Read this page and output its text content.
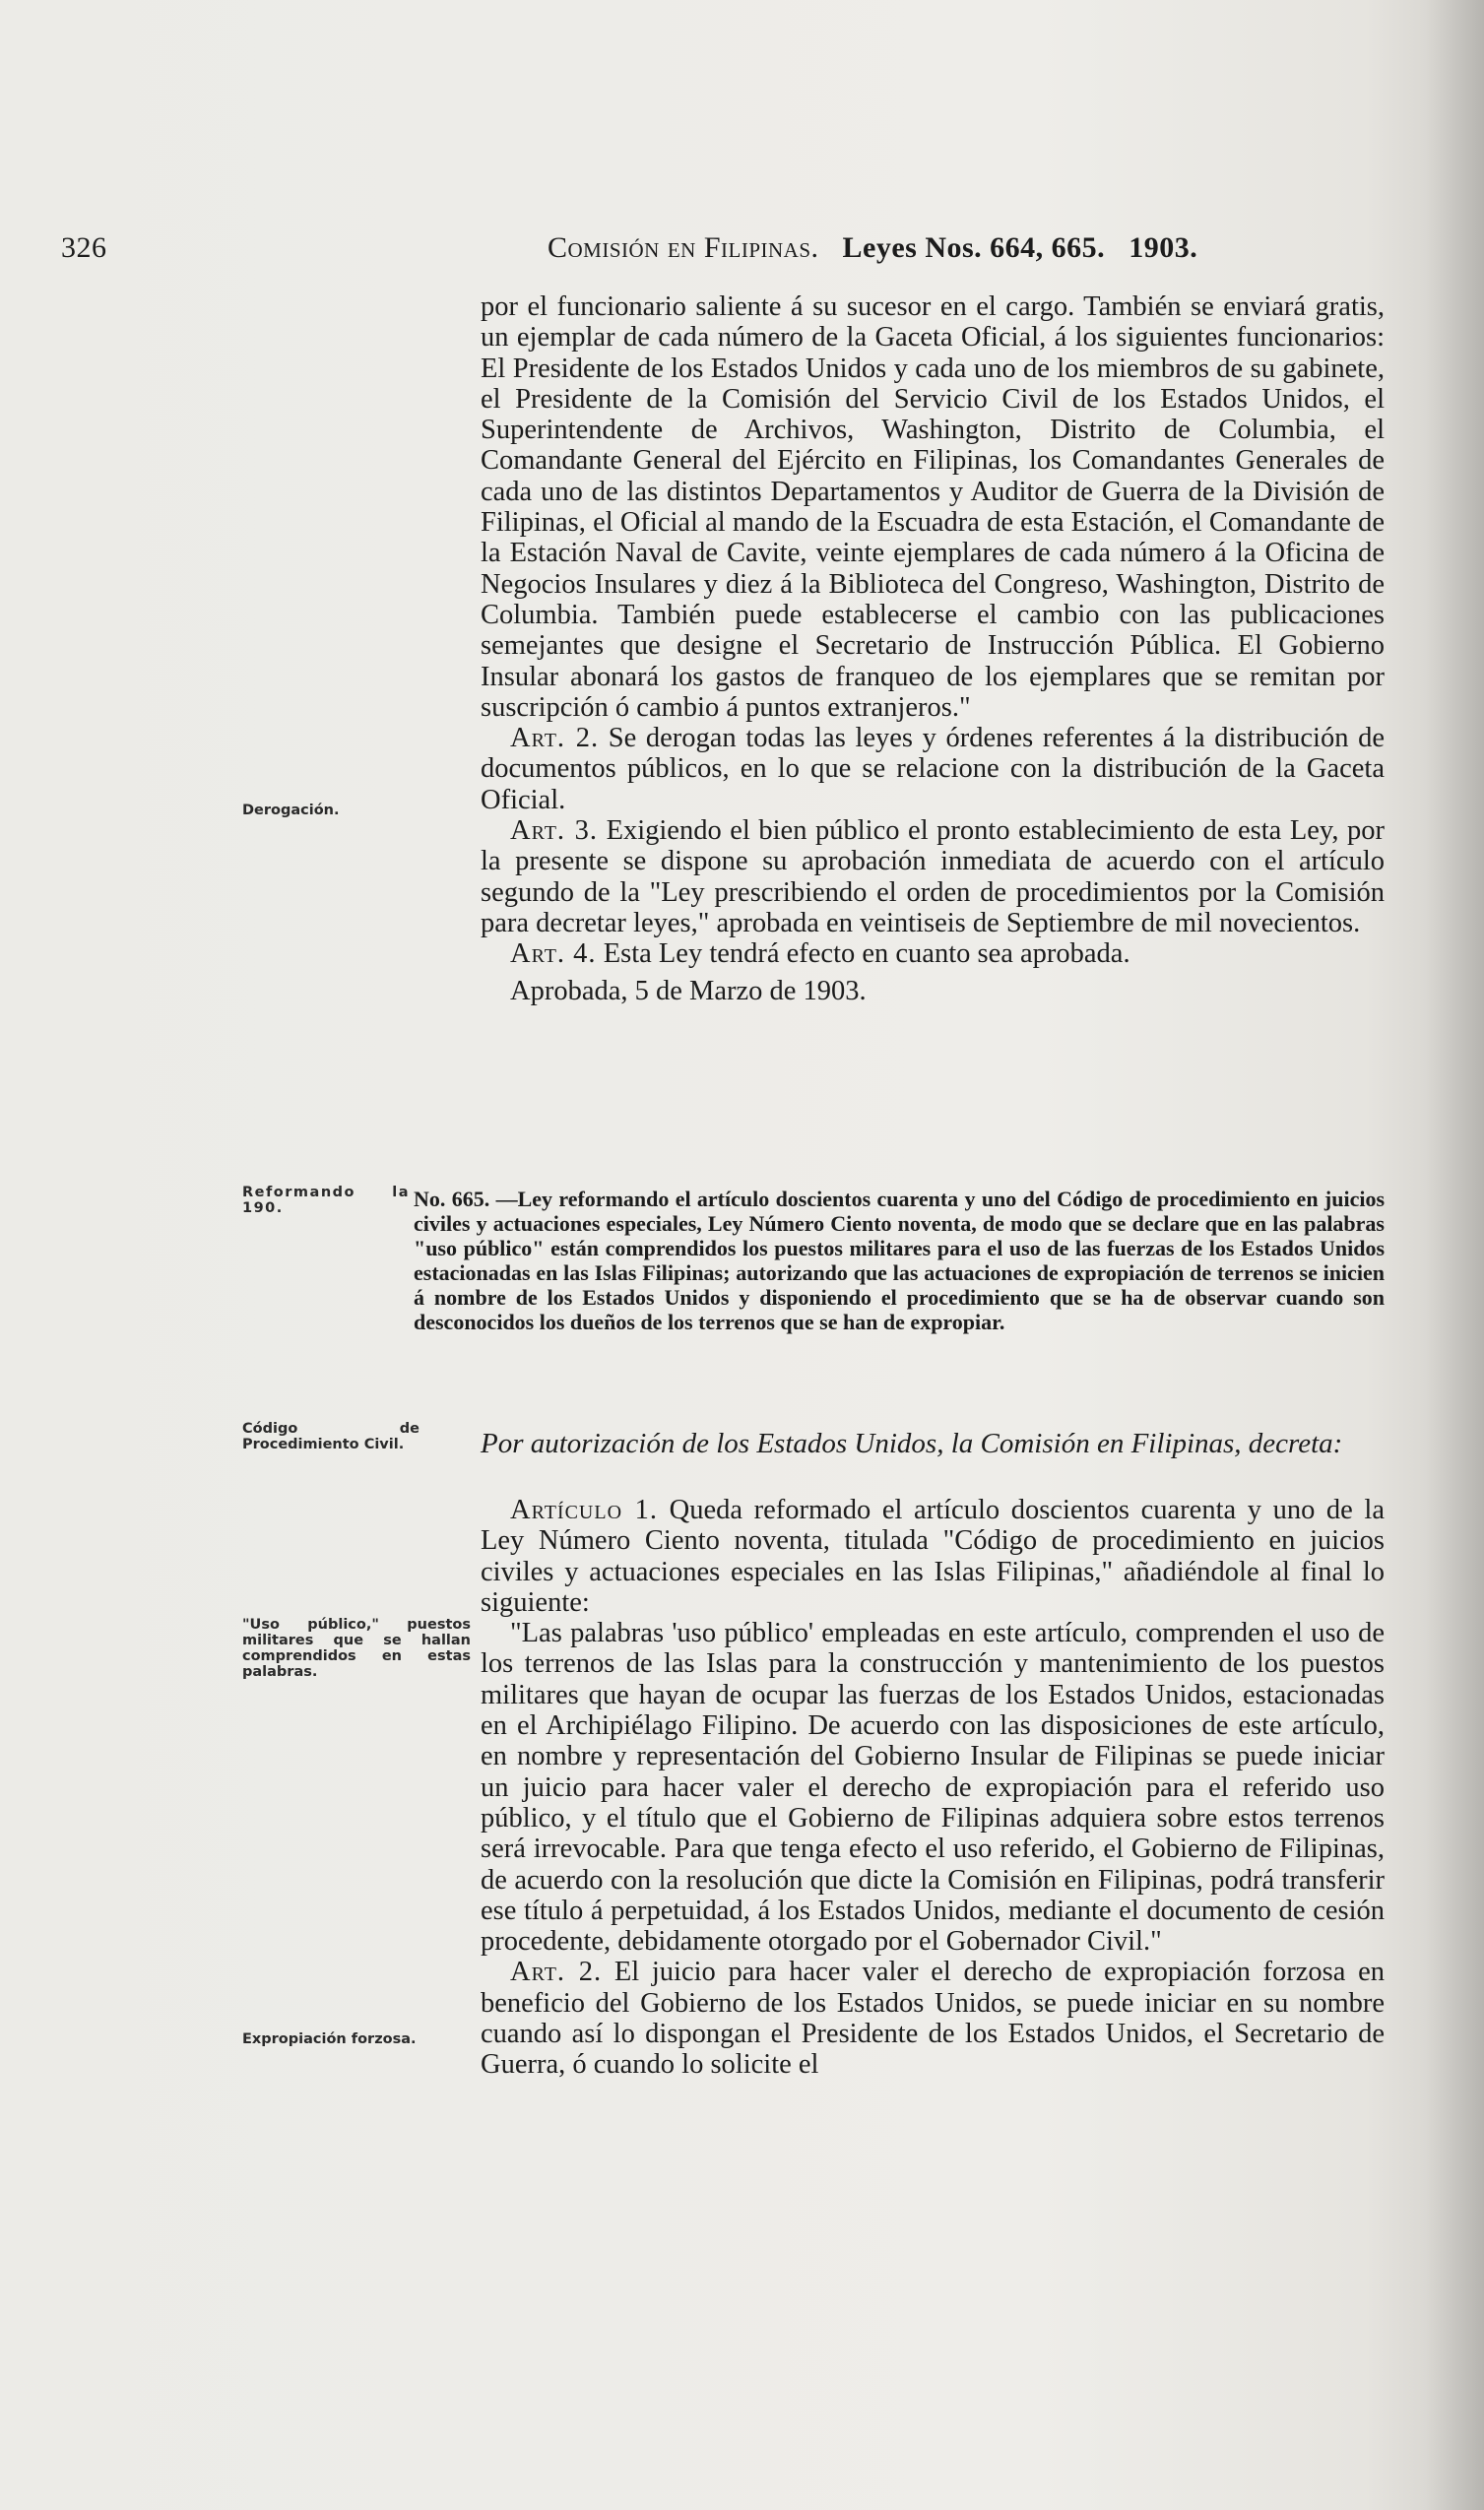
326	Comisión en Filipinas. Leyes Nos. 664, 665. 1903.

por el funcionario saliente á su sucesor en el cargo. También se enviará gratis, un ejemplar de cada número de la Gaceta Oficial, á los siguientes funcionarios: El Presidente de los Estados Unidos y cada uno de los miembros de su gabinete, el Presidente de la Comisión del Servicio Civil de los Estados Unidos, el Superintendente de Archivos, Washington, Distrito de Columbia, el Comandante General del Ejército en Filipinas, los Comandantes Generales de cada uno de las distintos Departamentos y Auditor de Guerra de la División de Filipinas, el Oficial al mando de la Escuadra de esta Estación, el Comandante de la Estación Naval de Cavite, veinte ejemplares de cada número á la Oficina de Negocios Insulares y diez á la Biblioteca del Congreso, Washington, Distrito de Columbia. También puede establecerse el cambio con las publicaciones semejantes que designe el Secretario de Instrucción Pública. El Gobierno Insular abonará los gastos de franqueo de los ejemplares que se remitan por suscripción ó cambio á puntos extranjeros."

Art. 2. Se derogan todas las leyes y órdenes referentes á la distribución de documentos públicos, en lo que se relacione con la distribución de la Gaceta Oficial.

Art. 3. Exigiendo el bien público el pronto establecimiento de esta Ley, por la presente se dispone su aprobación inmediata de acuerdo con el artículo segundo de la "Ley prescribiendo el orden de procedimientos por la Comisión para decretar leyes," aprobada en veintiseis de Septiembre de mil novecientos.

Art. 4. Esta Ley tendrá efecto en cuanto sea aprobada.

Aprobada, 5 de Marzo de 1903.

No. 665. —Ley reformando el artículo doscientos cuarenta y uno del Código de procedimiento en juicios civiles y actuaciones especiales, Ley Número Ciento noventa, de modo que se declare que en las palabras "uso público" están comprendidos los puestos militares para el uso de las fuerzas de los Estados Unidos estacionadas en las Islas Filipinas; autorizando que las actuaciones de expropiación de terrenos se inicien á nombre de los Estados Unidos y disponiendo el procedimiento que se ha de observar cuando son desconocidos los dueños de los terrenos que se han de expropiar.

Por autorización de los Estados Unidos, la Comisión en Filipinas, decreta:

Artículo 1. Queda reformado el artículo doscientos cuarenta y uno de la Ley Número Ciento noventa, titulada "Código de procedimiento en juicios civiles y actuaciones especiales en las Islas Filipinas," añadiéndole al final lo siguiente:

"Las palabras 'uso público' empleadas en este artículo, comprenden el uso de los terrenos de las Islas para la construcción y mantenimiento de los puestos militares que hayan de ocupar las fuerzas de los Estados Unidos, estacionadas en el Archipiélago Filipino. De acuerdo con las disposiciones de este artículo, en nombre y representación del Gobierno Insular de Filipinas se puede iniciar un juicio para hacer valer el derecho de expropiación para el referido uso público, y el título que el Gobierno de Filipinas adquiera sobre estos terrenos será irrevocable. Para que tenga efecto el uso referido, el Gobierno de Filipinas, de acuerdo con la resolución que dicte la Comisión en Filipinas, podrá transferir ese título á perpetuidad, á los Estados Unidos, mediante el documento de cesión procedente, debidamente otorgado por el Gobernador Civil."

Art. 2. El juicio para hacer valer el derecho de expropiación forzosa en beneficio del Gobierno de los Estados Unidos, se puede iniciar en su nombre cuando así lo dispongan el Presidente de los Estados Unidos, el Secretario de Guerra, ó cuando lo solicite el

Derogación.
Reformando la 190.
Código de Procedimiento Civil.
"Uso público," puestos militares que se hallan comprendidos en estas palabras.
Expropiación forzosa.
